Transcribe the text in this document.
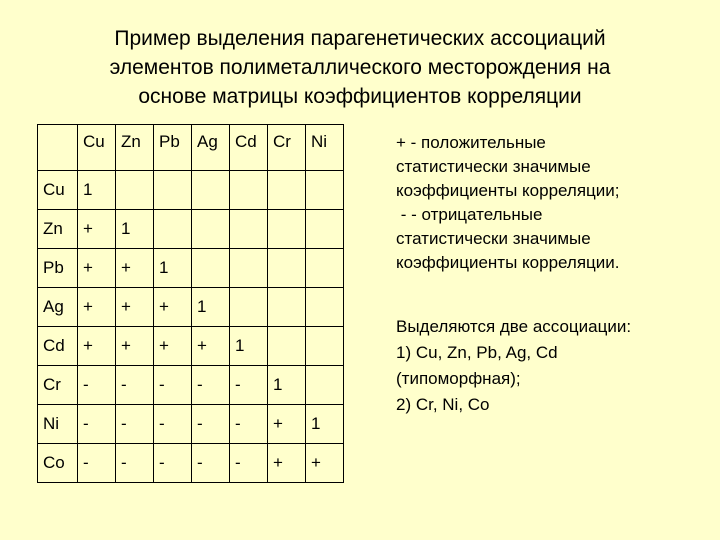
Пример выделения парагенетических ассоциаций
элементов полиметаллического месторождения на
основе матрицы коэффициентов корреляции
	Cu	Zn	Pb	Ag	Cd	Cr	Ni
Cu	1						
Zn	+	1					
Pb	+	+	1				
Ag	+	+	+	1			
Cd	+	+	+	+	1		
Cr	-	-	-	-	-	1	
Ni	-	-	-	-	-	+	1
Co	-	-	-	-	-	+	+
+ - положительные
статистически значимые
коэффициенты корреляции;
- - отрицательные
статистически значимые
коэффициенты корреляции.
Выделяются две ассоциации:
1) Cu, Zn, Pb, Ag, Cd
(типоморфная);
2) Cr, Ni, Co
